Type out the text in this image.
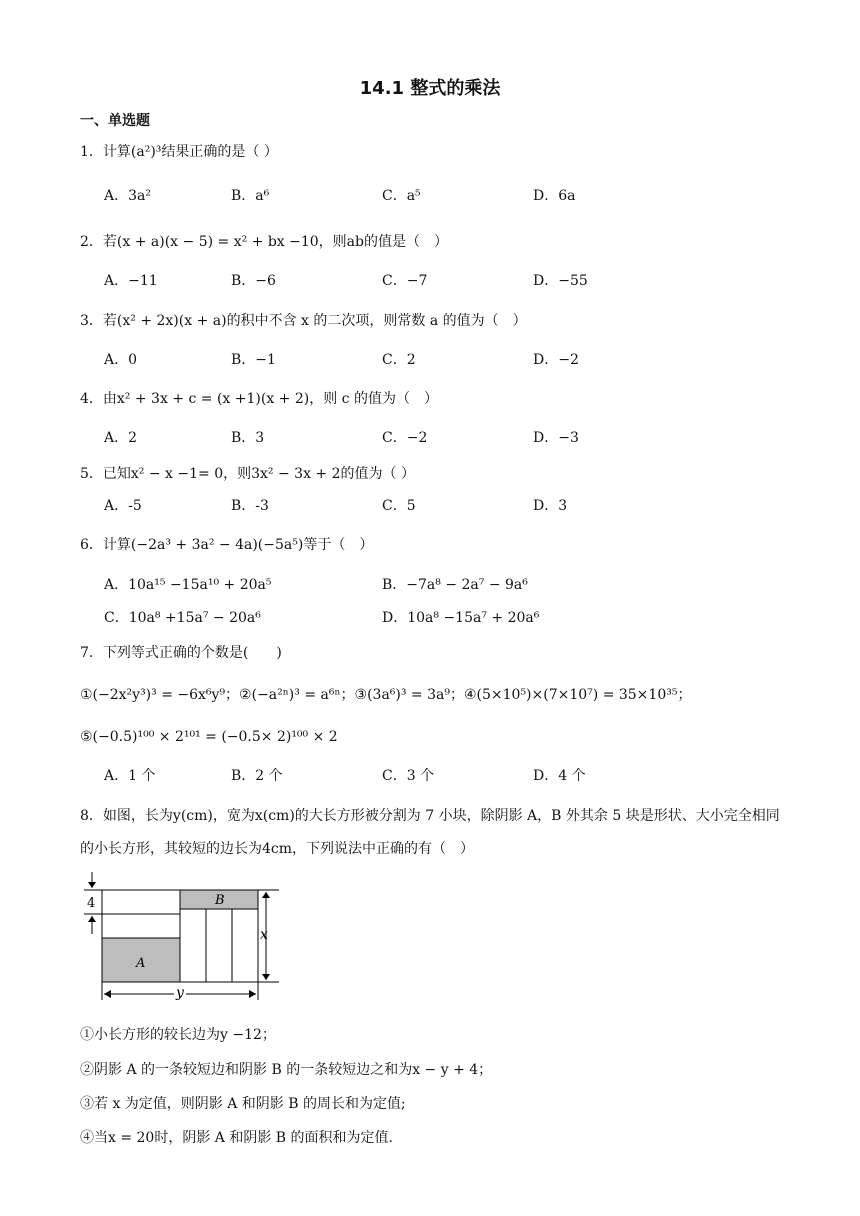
14.1 整式的乘法
一、单选题
1．计算(a²)³结果正确的是（ ）
A．3a²	B．a⁶	C．a⁵	D．6a
2．若(x + a)(x − 5) = x² + bx −10，则ab的值是（　）
A．−11	B．−6	C．−7	D．−55
3．若(x² + 2x)(x + a)的积中不含 x 的二次项，则常数 a 的值为（　）
A．0	B．−1	C．2	D．−2
4．由x² + 3x + c = (x +1)(x + 2)，则 c 的值为（　）
A．2	B．3	C．−2	D．−3
5．已知x² − x −1= 0，则3x² − 3x + 2的值为（ ）
A．-5	B．-3	C．5	D．3
6．计算(−2a³ + 3a² − 4a)(−5a⁵)等于（　）
A．10a¹⁵ −15a¹⁰ + 20a⁵	B．−7a⁸ − 2a⁷ − 9a⁶
C．10a⁸ +15a⁷ − 20a⁶	D．10a⁸ −15a⁷ + 20a⁶
7．下列等式正确的个数是(　　)
①(−2x²y³)³ = −6x⁶y⁹；②(−a²ⁿ)³ = a⁶ⁿ；③(3a⁶)³ = 3a⁹；④(5×10⁵)×(7×10⁷) = 35×10³⁵；
⑤(−0.5)¹⁰⁰ × 2¹⁰¹ = (−0.5× 2)¹⁰⁰ × 2
A．1 个	B．2 个	C．3 个	D．4 个
8．如图，长为y(cm)，宽为x(cm)的大长方形被分割为 7 小块，除阴影 A，B 外其余 5 块是形状、大小完全相同的小长方形，其较短的边长为4cm，下列说法中正确的有（　）
4	B
A
x
y
①小长方形的较长边为y −12；
②阴影 A 的一条较短边和阴影 B 的一条较短边之和为x − y + 4；
③若 x 为定值，则阴影 A 和阴影 B 的周长和为定值;
④当x = 20时，阴影 A 和阴影 B 的面积和为定值.
